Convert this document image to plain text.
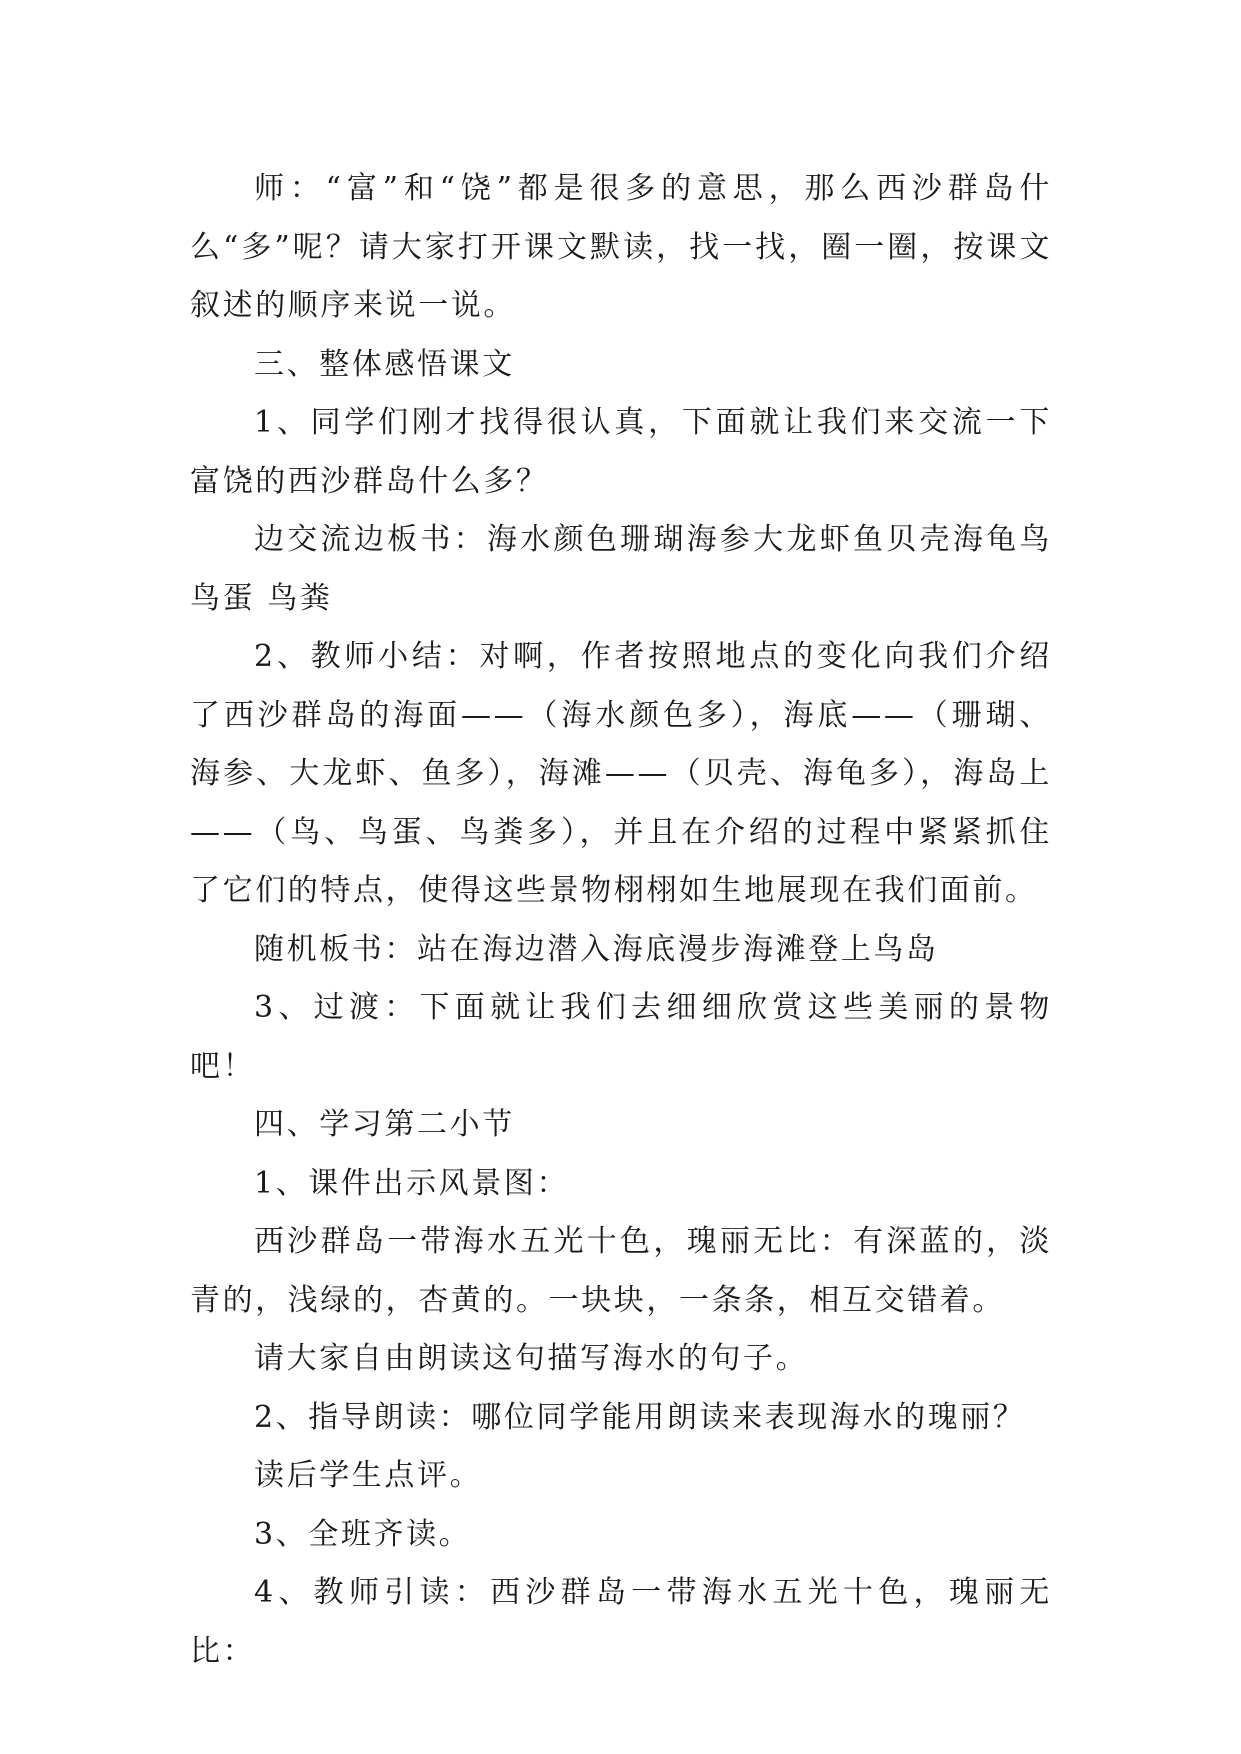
师：“富”和“饶”都是很多的意思，那么西沙群岛什么“多”呢？请大家打开课文默读，找一找，圈一圈，按课文叙述的顺序来说一说。

三、整体感悟课文

1、同学们刚才找得很认真，下面就让我们来交流一下富饶的西沙群岛什么多？

边交流边板书：海水颜色珊瑚海参大龙虾鱼贝壳海龟鸟鸟蛋 鸟粪

2、教师小结：对啊，作者按照地点的变化向我们介绍了西沙群岛的海面——（海水颜色多），海底——（珊瑚、海参、大龙虾、鱼多），海滩——（贝壳、海龟多），海岛上——（鸟、鸟蛋、鸟粪多），并且在介绍的过程中紧紧抓住了它们的特点，使得这些景物栩栩如生地展现在我们面前。

随机板书：站在海边潜入海底漫步海滩登上鸟岛

3、过渡：下面就让我们去细细欣赏这些美丽的景物吧！

四、学习第二小节

1、课件出示风景图：

西沙群岛一带海水五光十色，瑰丽无比：有深蓝的，淡青的，浅绿的，杏黄的。一块块，一条条，相互交错着。

请大家自由朗读这句描写海水的句子。

2、指导朗读：哪位同学能用朗读来表现海水的瑰丽？

读后学生点评。

3、全班齐读。

4、教师引读：西沙群岛一带海水五光十色，瑰丽无比：
